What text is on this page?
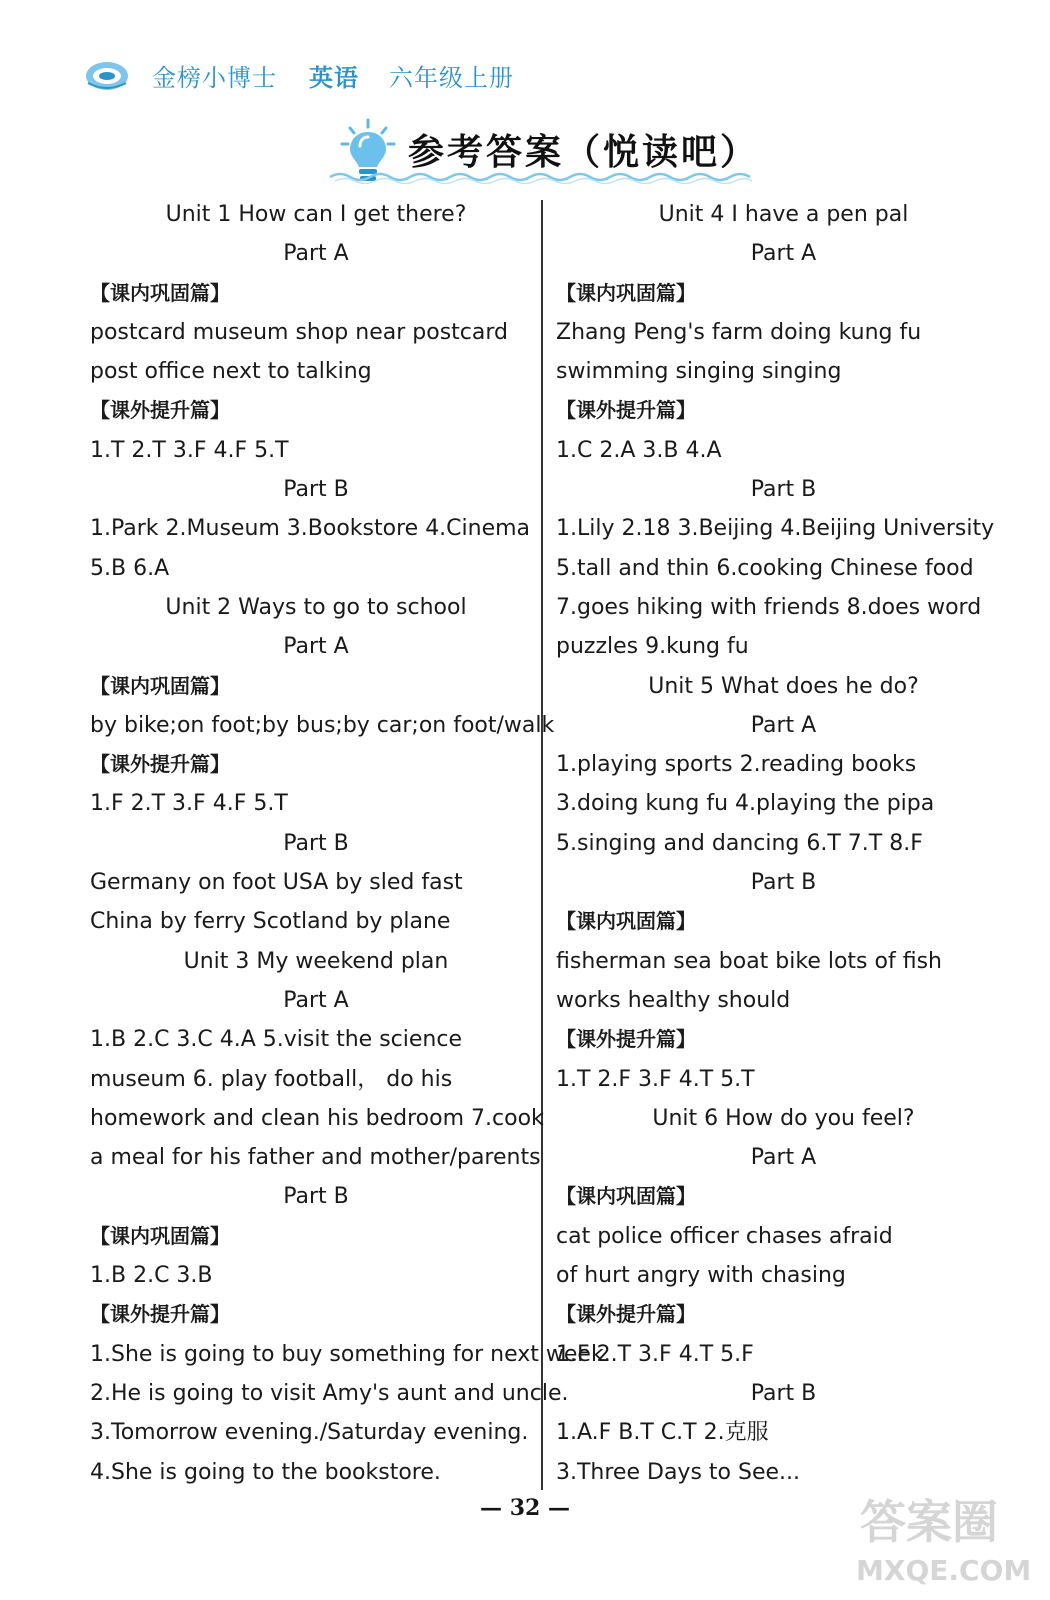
金榜小博士 英语 六年级上册
参考答案（悦读吧）
Unit 1 How can I get there?
Part A
【课内巩固篇】
postcard museum shop near postcard
post office next to talking
【课外提升篇】
1.T 2.T 3.F 4.F 5.T
Part B
1.Park 2.Museum 3.Bookstore 4.Cinema
5.B 6.A
Unit 2 Ways to go to school
Part A
【课内巩固篇】
by bike;on foot;by bus;by car;on foot/walk
【课外提升篇】
1.F 2.T 3.F 4.F 5.T
Part B
Germany on foot USA by sled fast
China by ferry Scotland by plane
Unit 3 My weekend plan
Part A
1.B 2.C 3.C 4.A 5.visit the science
museum 6. play football， do his
homework and clean his bedroom 7.cook
a meal for his father and mother/parents
Part B
【课内巩固篇】
1.B 2.C 3.B
【课外提升篇】
1.She is going to buy something for next week.
2.He is going to visit Amy's aunt and uncle.
3.Tomorrow evening./Saturday evening.
4.She is going to the bookstore.
Unit 4 I have a pen pal
Part A
【课内巩固篇】
Zhang Peng's farm doing kung fu
swimming singing singing
【课外提升篇】
1.C 2.A 3.B 4.A
Part B
1.Lily 2.18 3.Beijing 4.Beijing University
5.tall and thin 6.cooking Chinese food
7.goes hiking with friends 8.does word
puzzles 9.kung fu
Unit 5 What does he do?
Part A
1.playing sports 2.reading books
3.doing kung fu 4.playing the pipa
5.singing and dancing 6.T 7.T 8.F
Part B
【课内巩固篇】
fisherman sea boat bike lots of fish
works healthy should
【课外提升篇】
1.T 2.F 3.F 4.T 5.T
Unit 6 How do you feel?
Part A
【课内巩固篇】
cat police officer chases afraid
of hurt angry with chasing
【课外提升篇】
1.F 2.T 3.F 4.T 5.F
Part B
1.A.F B.T C.T 2.克服
3.Three Days to See...
— 32 —	答案圈
MXQE.COM
